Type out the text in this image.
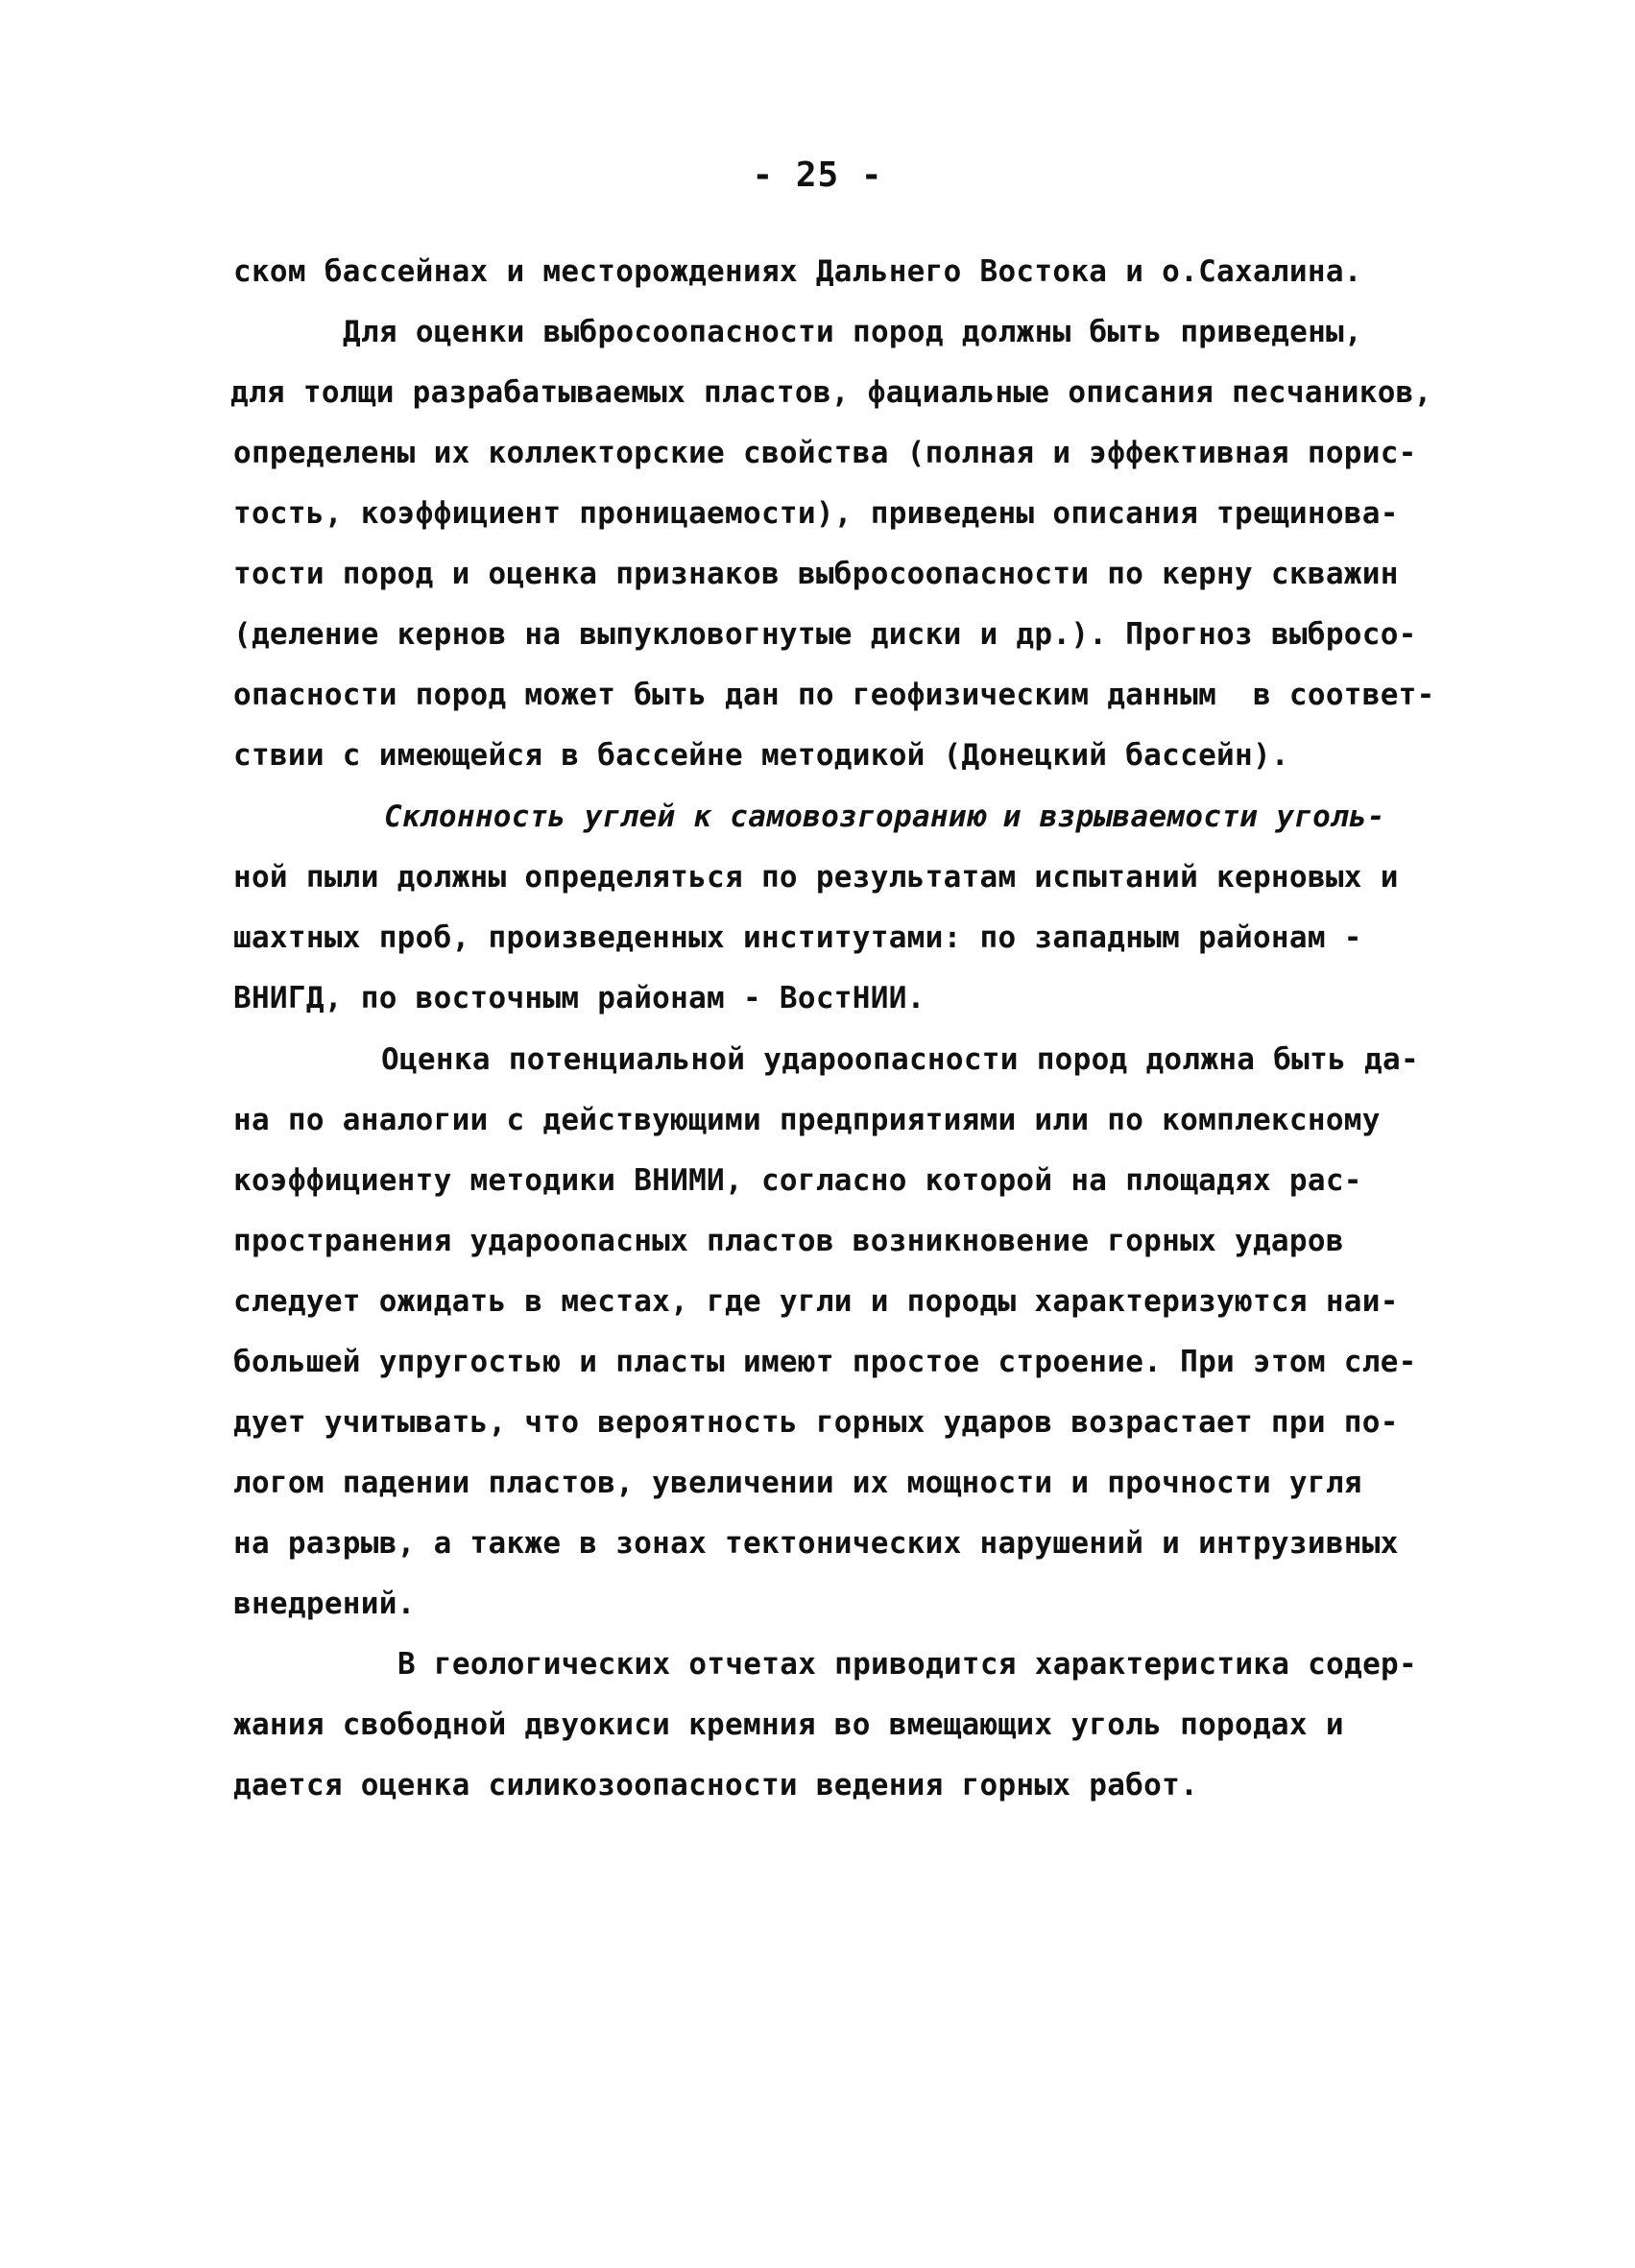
- 25 -
ском бассейнах и месторождениях Дальнего Востока и о.Сахалина.
Для оценки выбросоопасности пород должны быть приведены,
для толщи разрабатываемых пластов, фациальные описания песчаников,
определены их коллекторские свойства (полная и эффективная порис-
тость, коэффициент проницаемости), приведены описания трещинова-
тости пород и оценка признаков выбросоопасности по керну скважин
(деление кернов на выпукловогнутые диски и др.). Прогноз выбросо-
опасности пород может быть дан по геофизическим данным  в соответ-
ствии с имеющейся в бассейне методикой (Донецкий бассейн).
Склонность углей к самовозгоранию и взрываемости уголь-
ной пыли должны определяться по результатам испытаний керновых и
шахтных проб, произведенных институтами: по западным районам -
ВНИГД, по восточным районам - ВостНИИ.
Оценка потенциальной удароопасности пород должна быть да-
на по аналогии с действующими предприятиями или по комплексному
коэффициенту методики ВНИМИ, согласно которой на площадях рас-
пространения удароопасных пластов возникновение горных ударов
следует ожидать в местах, где угли и породы характеризуются наи-
большей упругостью и пласты имеют простое строение. При этом сле-
дует учитывать, что вероятность горных ударов возрастает при по-
логом падении пластов, увеличении их мощности и прочности угля
на разрыв, а также в зонах тектонических нарушений и интрузивных
внедрений.
В геологических отчетах приводится характеристика содер-
жания свободной двуокиси кремния во вмещающих уголь породах и
дается оценка силикозоопасности ведения горных работ.
